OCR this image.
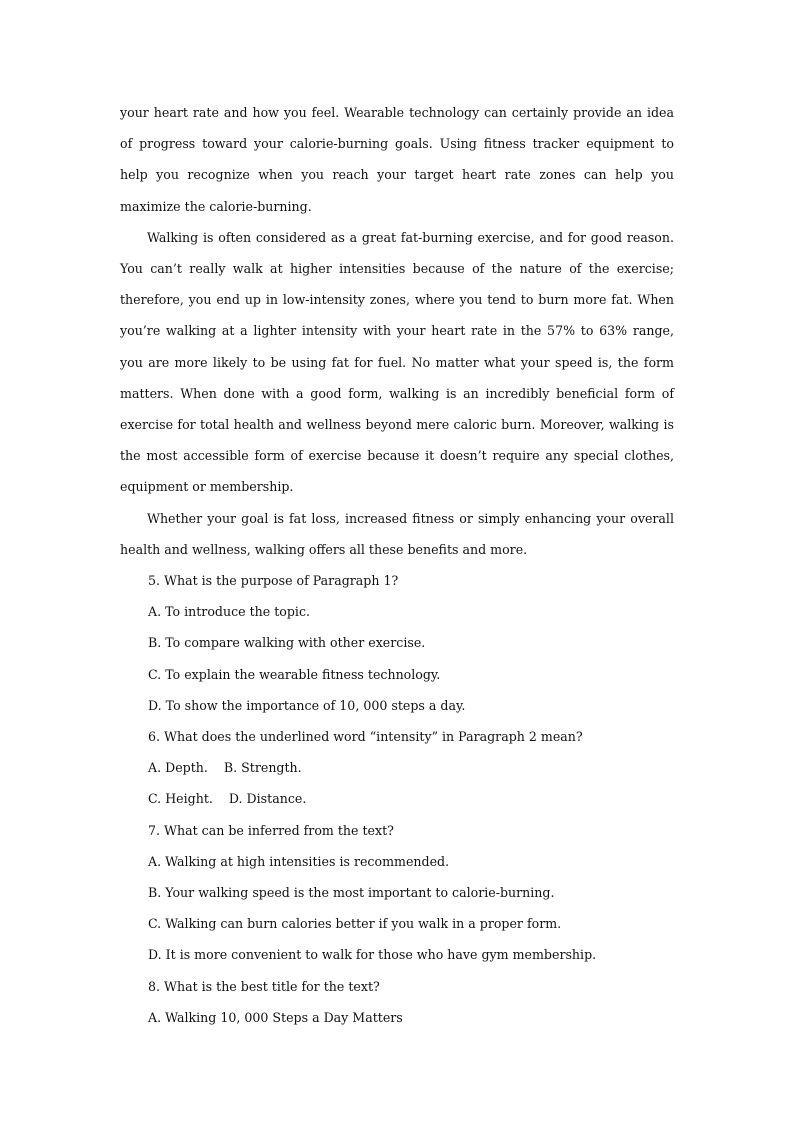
your heart rate and how you feel. Wearable technology can certainly provide an idea of progress toward your calorie-burning goals. Using fitness tracker equipment to help you recognize when you reach your target heart rate zones can help you maximize the calorie-burning.

Walking is often considered as a great fat-burning exercise, and for good reason. You can’t really walk at higher intensities because of the nature of the exercise; therefore, you end up in low-intensity zones, where you tend to burn more fat. When you’re walking at a lighter intensity with your heart rate in the 57% to 63% range, you are more likely to be using fat for fuel. No matter what your speed is, the form matters. When done with a good form, walking is an incredibly beneficial form of exercise for total health and wellness beyond mere caloric burn. Moreover, walking is the most accessible form of exercise because it doesn’t require any special clothes, equipment or membership.

Whether your goal is fat loss, increased fitness or simply enhancing your overall health and wellness, walking offers all these benefits and more.

5. What is the purpose of Paragraph 1?

A. To introduce the topic.

B. To compare walking with other exercise.

C. To explain the wearable fitness technology.

D. To show the importance of 10, 000 steps a day.

6. What does the underlined word “intensity” in Paragraph 2 mean?

A. Depth.    B. Strength.

C. Height.    D. Distance.

7. What can be inferred from the text?

A. Walking at high intensities is recommended.

B. Your walking speed is the most important to calorie-burning.

C. Walking can burn calories better if you walk in a proper form.

D. It is more convenient to walk for those who have gym membership.

8. What is the best title for the text?

A. Walking 10, 000 Steps a Day Matters
